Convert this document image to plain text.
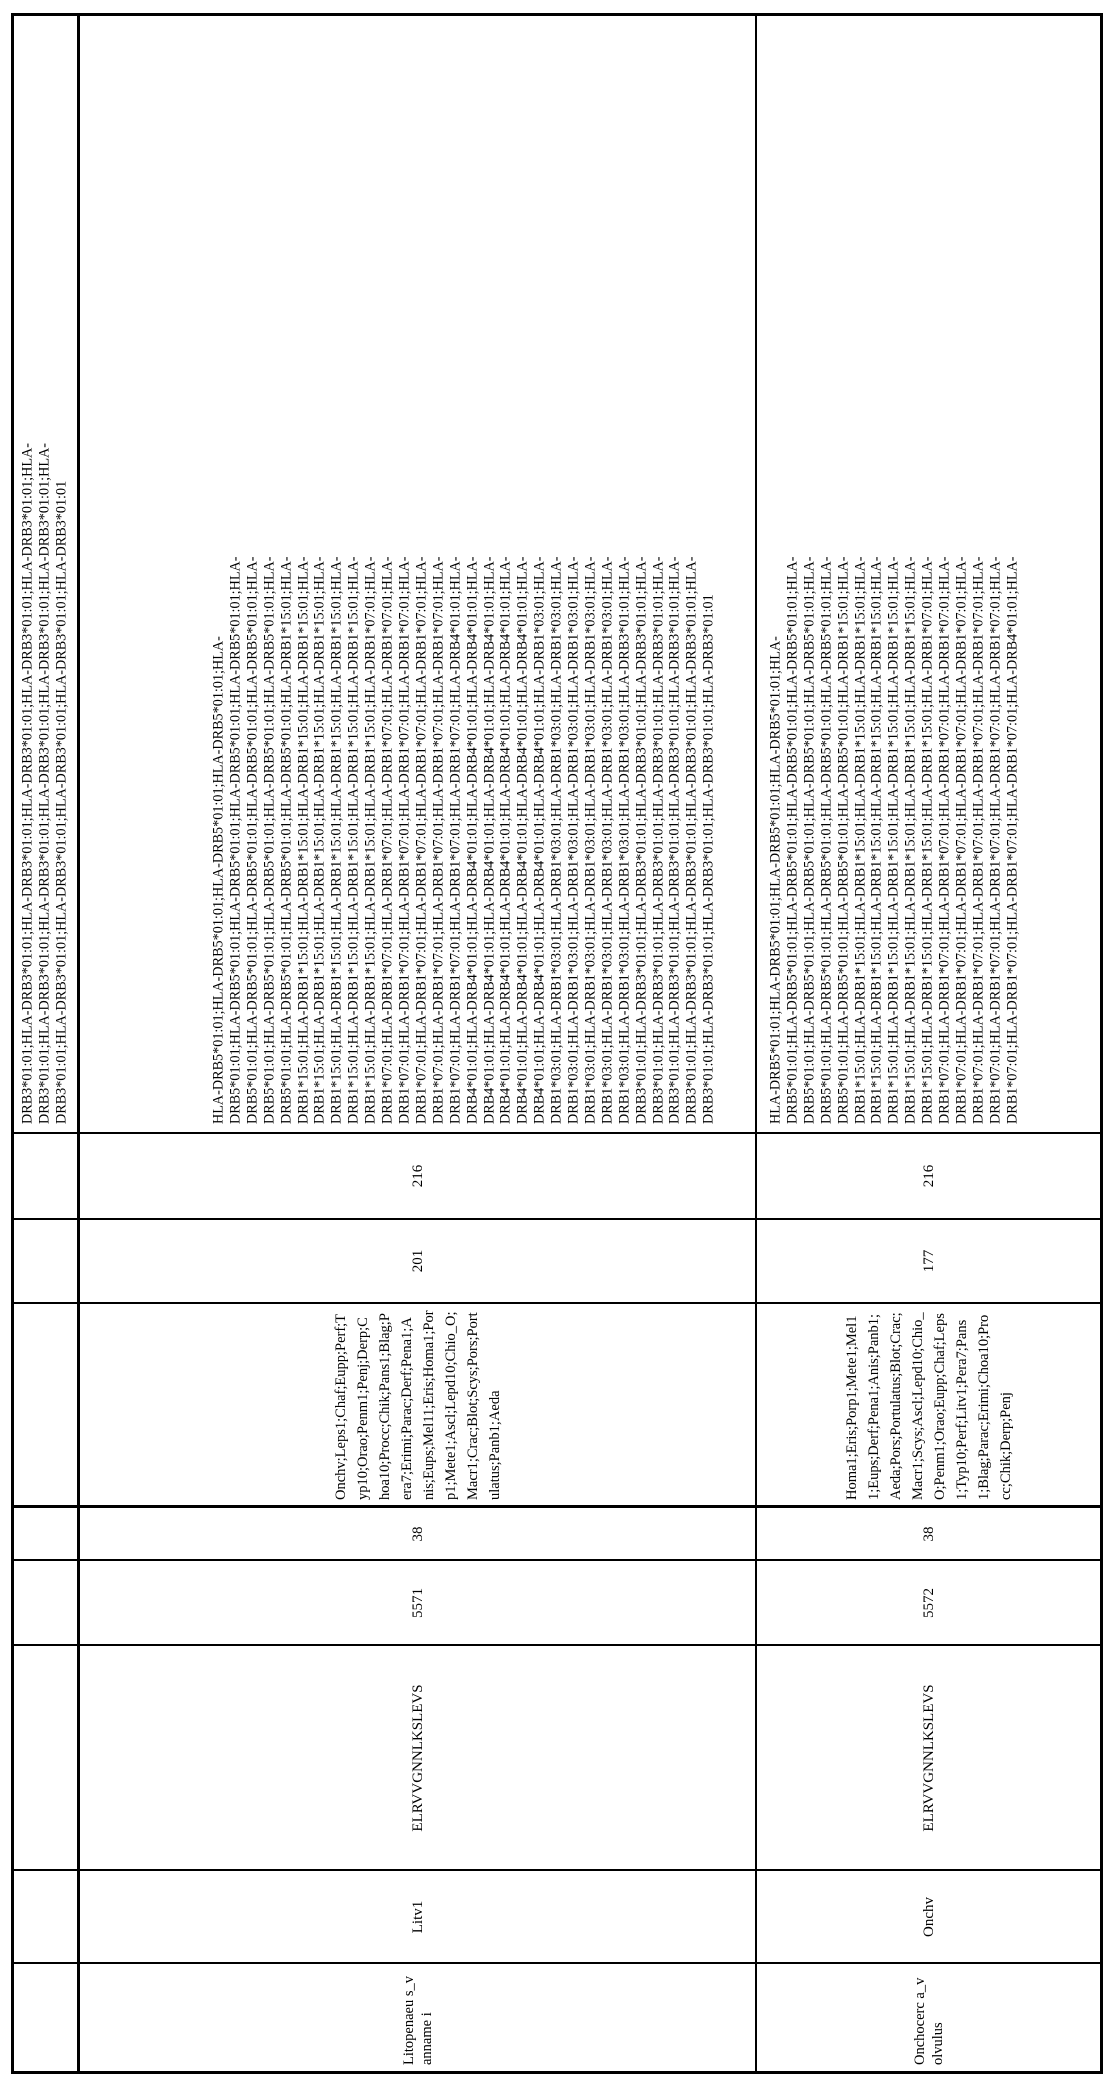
DRB3*01:01;HLA-DRB3*01:01;HLA-DRB3*01:01;HLA-DRB3*01:01;HLA-DRB3*01:01;HLA-DRB3*01:01;HLA- DRB3*01:01;HLA-DRB3*01:01;HLA-DRB3*01:01;HLA-DRB3*01:01;HLA-DRB3*01:01;HLA-DRB3*01:01;HLA- DRB3*01:01;HLA-DRB3*01:01;HLA-DRB3*01:01;HLA-DRB3*01:01;HLA-DRB3*01:01;HLA-DRB3*01:01	HLA-DRB5*01:01;HLA-DRB5*01:01;HLA-DRB5*01:01;HLA-DRB5*01:01;HLA- DRB5*01:01;HLA-DRB5*01:01;HLA-DRB5*01:01;HLA-DRB5*01:01;HLA-DRB5*01:01;HLA- DRB5*01:01;HLA-DRB5*01:01;HLA-DRB5*01:01;HLA-DRB5*01:01;HLA-DRB5*01:01;HLA- DRB5*01:01;HLA-DRB5*01:01;HLA-DRB5*01:01;HLA-DRB5*01:01;HLA-DRB5*01:01;HLA- DRB5*01:01;HLA-DRB5*01:01;HLA-DRB5*01:01;HLA-DRB5*01:01;HLA-DRB1*15:01;HLA- DRB1*15:01;HLA-DRB1*15:01;HLA-DRB1*15:01;HLA-DRB1*15:01;HLA-DRB1*15:01;HLA- DRB1*15:01;HLA-DRB1*15:01;HLA-DRB1*15:01;HLA-DRB1*15:01;HLA-DRB1*15:01;HLA- DRB1*15:01;HLA-DRB1*15:01;HLA-DRB1*15:01;HLA-DRB1*15:01;HLA-DRB1*15:01;HLA- DRB1*15:01;HLA-DRB1*15:01;HLA-DRB1*15:01;HLA-DRB1*15:01;HLA-DRB1*15:01;HLA- DRB1*15:01;HLA-DRB1*15:01;HLA-DRB1*15:01;HLA-DRB1*15:01;HLA-DRB1*07:01;HLA- DRB1*07:01;HLA-DRB1*07:01;HLA-DRB1*07:01;HLA-DRB1*07:01;HLA-DRB1*07:01;HLA- DRB1*07:01;HLA-DRB1*07:01;HLA-DRB1*07:01;HLA-DRB1*07:01;HLA-DRB1*07:01;HLA- DRB1*07:01;HLA-DRB1*07:01;HLA-DRB1*07:01;HLA-DRB1*07:01;HLA-DRB1*07:01;HLA- DRB1*07:01;HLA-DRB1*07:01;HLA-DRB1*07:01;HLA-DRB1*07:01;HLA-DRB1*07:01;HLA- DRB1*07:01;HLA-DRB1*07:01;HLA-DRB1*07:01;HLA-DRB1*07:01;HLA-DRB4*01:01;HLA- DRB4*01:01;HLA-DRB4*01:01;HLA-DRB4*01:01;HLA-DRB4*01:01;HLA-DRB4*01:01;HLA- DRB4*01:01;HLA-DRB4*01:01;HLA-DRB4*01:01;HLA-DRB4*01:01;HLA-DRB4*01:01;HLA- DRB4*01:01;HLA-DRB4*01:01;HLA-DRB4*01:01;HLA-DRB4*01:01;HLA-DRB4*01:01;HLA- DRB4*01:01;HLA-DRB4*01:01;HLA-DRB4*01:01;HLA-DRB4*01:01;HLA-DRB4*01:01;HLA- DRB4*01:01;HLA-DRB4*01:01;HLA-DRB4*01:01;HLA-DRB4*01:01;HLA-DRB1*03:01;HLA- DRB1*03:01;HLA-DRB1*03:01;HLA-DRB1*03:01;HLA-DRB1*03:01;HLA-DRB1*03:01;HLA- DRB1*03:01;HLA-DRB1*03:01;HLA-DRB1*03:01;HLA-DRB1*03:01;HLA-DRB1*03:01;HLA- DRB1*03:01;HLA-DRB1*03:01;HLA-DRB1*03:01;HLA-DRB1*03:01;HLA-DRB1*03:01;HLA- DRB1*03:01;HLA-DRB1*03:01;HLA-DRB1*03:01;HLA-DRB1*03:01;HLA-DRB1*03:01;HLA- DRB1*03:01;HLA-DRB1*03:01;HLA-DRB1*03:01;HLA-DRB1*03:01;HLA-DRB3*01:01;HLA- DRB3*01:01;HLA-DRB3*01:01;HLA-DRB3*01:01;HLA-DRB3*01:01;HLA-DRB3*01:01;HLA- DRB3*01:01;HLA-DRB3*01:01;HLA-DRB3*01:01;HLA-DRB3*01:01;HLA-DRB3*01:01;HLA- DRB3*01:01;HLA-DRB3*01:01;HLA-DRB3*01:01;HLA-DRB3*01:01;HLA-DRB3*01:01;HLA- DRB3*01:01;HLA-DRB3*01:01;HLA-DRB3*01:01;HLA-DRB3*01:01;HLA-DRB3*01:01;HLA- DRB3*01:01;HLA-DRB3*01:01;HLA-DRB3*01:01;HLA-DRB3*01:01;HLA-DRB3*01:01
216
201
Onchv;Leps1;Chaf;Eupp;Perf;Typ10;Orao;Penm1;Penj;Derp;Choa10;Procc;Chik;Pans1;Blag;Pera7;Erimi;Parac;Derf;Pena1;Anis;Eups;Mel11;Eris;Homa1;Porp1;Mete1;Ascl;Lepd10;Chio_O;Macr1;Crac;Blot;Scys;Pors;Portulatus;Panb1;Aeda
38
5571
ELRVVGNNLKSLEVS
Litv1
Litopenaeu s_vanname i
HLA-DRB5*01:01;HLA-DRB5*01:01;HLA-DRB5*01:01;HLA-DRB5*01:01;HLA- DRB5*01:01;HLA-DRB5*01:01;HLA-DRB5*01:01;HLA-DRB5*01:01;HLA-DRB5*01:01;HLA- DRB5*01:01;HLA-DRB5*01:01;HLA-DRB5*01:01;HLA-DRB5*01:01;HLA-DRB5*01:01;HLA- DRB5*01:01;HLA-DRB5*01:01;HLA-DRB5*01:01;HLA-DRB5*01:01;HLA-DRB5*01:01;HLA- DRB5*01:01;HLA-DRB5*01:01;HLA-DRB5*01:01;HLA-DRB5*01:01;HLA-DRB1*15:01;HLA- DRB1*15:01;HLA-DRB1*15:01;HLA-DRB1*15:01;HLA-DRB1*15:01;HLA-DRB1*15:01;HLA- DRB1*15:01;HLA-DRB1*15:01;HLA-DRB1*15:01;HLA-DRB1*15:01;HLA-DRB1*15:01;HLA- DRB1*15:01;HLA-DRB1*15:01;HLA-DRB1*15:01;HLA-DRB1*15:01;HLA-DRB1*15:01;HLA- DRB1*15:01;HLA-DRB1*15:01;HLA-DRB1*15:01;HLA-DRB1*15:01;HLA-DRB1*15:01;HLA- DRB1*15:01;HLA-DRB1*15:01;HLA-DRB1*15:01;HLA-DRB1*15:01;HLA-DRB1*07:01;HLA- DRB1*07:01;HLA-DRB1*07:01;HLA-DRB1*07:01;HLA-DRB1*07:01;HLA-DRB1*07:01;HLA- DRB1*07:01;HLA-DRB1*07:01;HLA-DRB1*07:01;HLA-DRB1*07:01;HLA-DRB1*07:01;HLA- DRB1*07:01;HLA-DRB1*07:01;HLA-DRB1*07:01;HLA-DRB1*07:01;HLA-DRB1*07:01;HLA- DRB1*07:01;HLA-DRB1*07:01;HLA-DRB1*07:01;HLA-DRB1*07:01;HLA-DRB1*07:01;HLA- DRB1*07:01;HLA-DRB1*07:01;HLA-DRB1*07:01;HLA-DRB1*07:01;HLA-DRB4*01:01;HLA-
216
177
Homa1;Eris;Porp1;Mete1;Mel11;Eups;Derf;Pena1;Anis;Panb1;Aeda;Pors;Portulatus;Blot;Crac;Macr1;Scys;Ascl;Lepd10;Chio_O;Penm1;Orao;Eupp;Chaf;Leps1;Typ10;Perf;Litv1;Pera7;Pans1;Blag;Parac;Erimi;Choa10;Procc;Chik;Derp;Penj
38
5572
ELRVVGNNLKSLEVS
Onchv
Onchocerc a_volvulus
